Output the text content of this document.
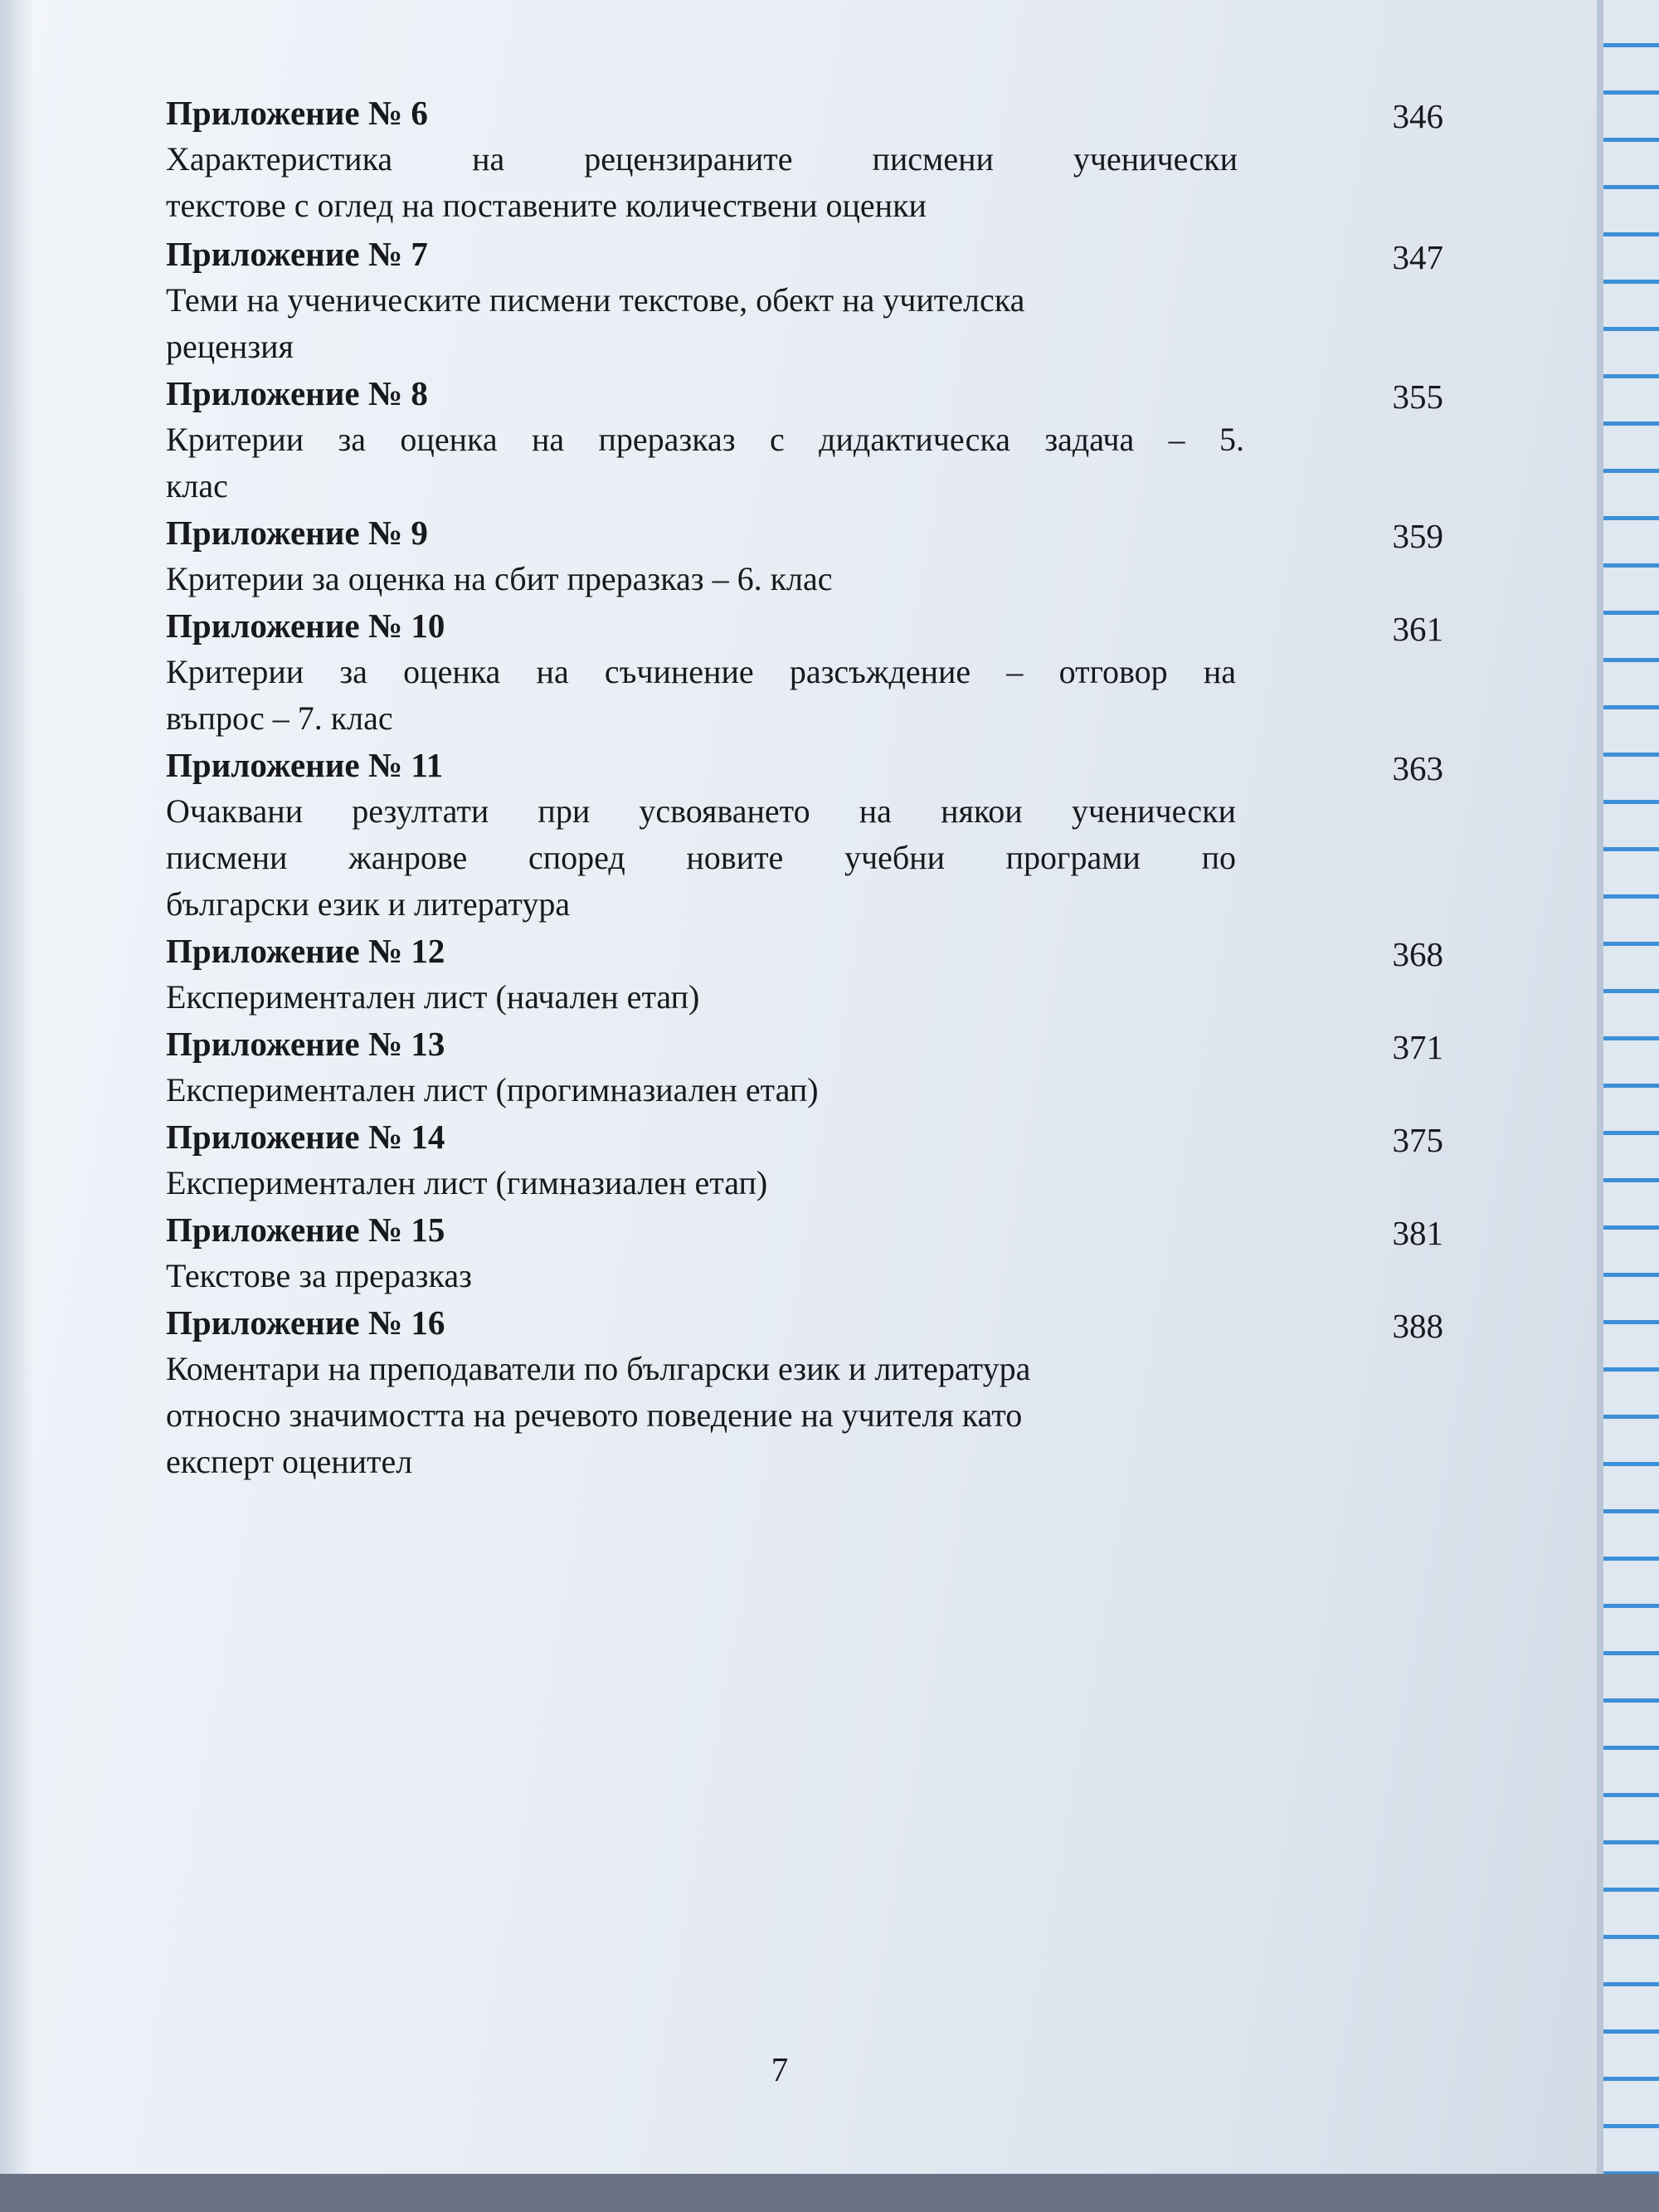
Приложение № 6	346
Характеристика на рецензираните писмени ученически
текстове с оглед на поставените количествени оценки
Приложение № 7	347
Теми на ученическите писмени текстове, обект на учителска
рецензия
Приложение № 8	355
Критерии за оценка на преразказ с дидактическа задача – 5.
клас
Приложение № 9	359
Критерии за оценка на сбит преразказ – 6. клас
Приложение № 10	361
Критерии за оценка на съчинение разсъждение – отговор на
въпрос – 7. клас
Приложение № 11	363
Очаквани резултати при усвояването на някои ученически
писмени жанрове според новите учебни програми по
български език и литература
Приложение № 12	368
Експериментален лист (начален етап)
Приложение № 13	371
Експериментален лист (прогимназиален етап)
Приложение № 14	375
Експериментален лист (гимназиален етап)
Приложение № 15	381
Текстове за преразказ
Приложение № 16	388
Коментари на преподаватели по български език и литература
относно значимостта на речевото поведение на учителя като
експерт оценител
7
